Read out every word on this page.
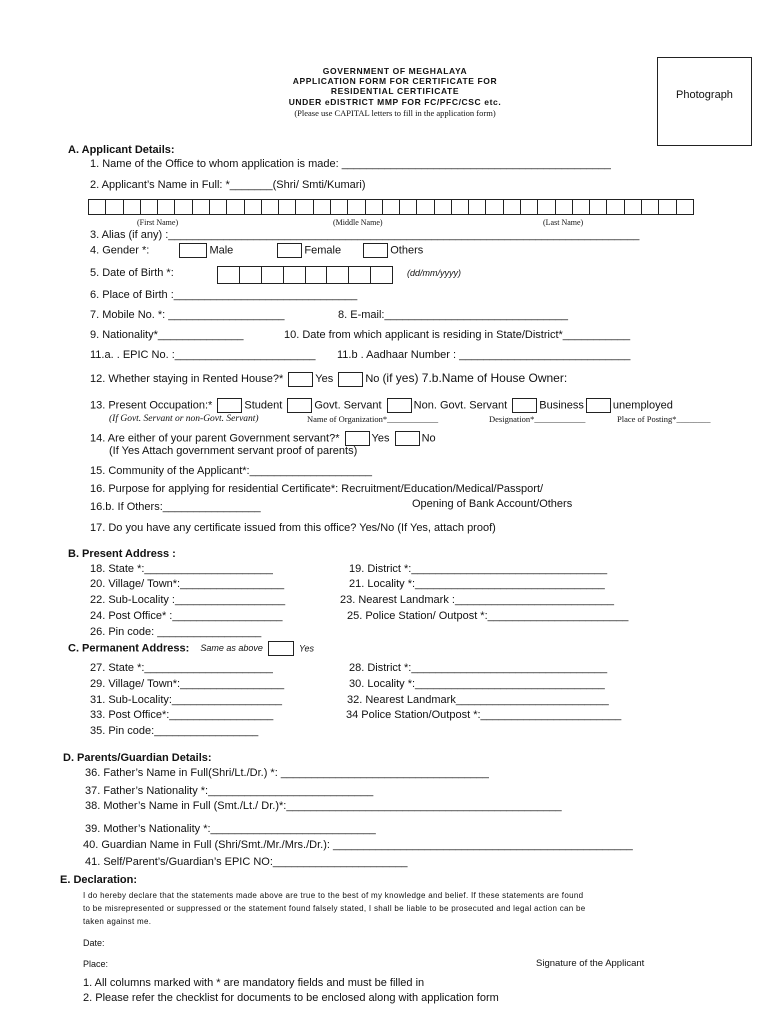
GOVERNMENT OF MEGHALAYA
APPLICATION FORM FOR CERTIFICATE FOR
RESIDENTIAL CERTIFICATE
UNDER eDISTRICT MMP FOR FC/PFC/CSC etc.
(Please use CAPITAL letters to fill in the application form)
Photograph
A. Applicant Details:
1. Name of the Office to whom application is made: ____________________________________________
2. Applicant’s Name in Full: *_______(Shri/ Smti/Kumari)
(First Name)	(Middle Name)	(Last Name)
3. Alias (if any) :_____________________________________________________________________________
4. Gender *:	Male	Female	Others
5. Date of Birth *:	(dd/mm/yyyy)
6. Place of Birth :______________________________
7. Mobile No. *: ___________________	8. E-mail:______________________________
9. Nationality*______________	10. Date from which applicant is residing in State/District*___________
11.a. . EPIC No. :_______________________ 11.b . Aadhaar Number : ____________________________
12. Whether staying in Rented House?*	Yes	No (if yes) 7.b.Name of House Owner:
13. Present Occupation:*	Student	Govt. Servant	Non. Govt. Servant	Business	unemployed
(If Govt. Servant or non-Govt. Servant)	Name of Organization*____________	Designation*____________	Place of Posting*________
14. Are either of your parent Government servant?*	Yes	No
(If Yes Attach government servant proof of parents)
15. Community of the Applicant*:____________________
16. Purpose for applying for residential Certificate*: Recruitment/Education/Medical/Passport/
Opening of Bank Account/Others
16.b. If Others:________________
17. Do you have any certificate issued from this office? Yes/No (If Yes, attach proof)
B. Present Address :
18. State *:_____________________	19. District *:________________________________
20. Village/ Town*:_________________	21. Locality *:_______________________________
22. Sub-Locality :__________________	23. Nearest Landmark :__________________________
24. Post Office* :__________________	25. Police Station/ Outpost *:_______________________
26. Pin code: _________________
C. Permanent Address: Same as above	Yes
27. State *:_____________________	28. District *:________________________________
29. Village/ Town*:_________________	30. Locality *:_______________________________
31. Sub-Locality:__________________	32. Nearest Landmark_________________________
33. Post Office*:_________________	34 Police Station/Outpost *:_______________________
35. Pin code:_________________
D. Parents/Guardian Details:
36. Father’s Name in Full(Shri/Lt./Dr.) *: __________________________________
37. Father’s Nationality *:___________________________
38. Mother’s Name in Full (Smt./Lt./ Dr.)*:_____________________________________________
39. Mother’s Nationality *:___________________________
40. Guardian Name in Full (Shri/Smt./Mr./Mrs./Dr.): _________________________________________________
41. Self/Parent’s/Guardian’s EPIC NO:______________________
E. Declaration:
I do hereby declare that the statements made above are true to the best of my knowledge and belief. If these statements are found
to be misrepresented or suppressed or the statement found falsely stated, I shall be liable to be prosecuted and legal action can be
taken against me.
Date:
Place:	Signature of the Applicant
1. All columns marked with * are mandatory fields and must be filled in
2. Please refer the checklist for documents to be enclosed along with application form
